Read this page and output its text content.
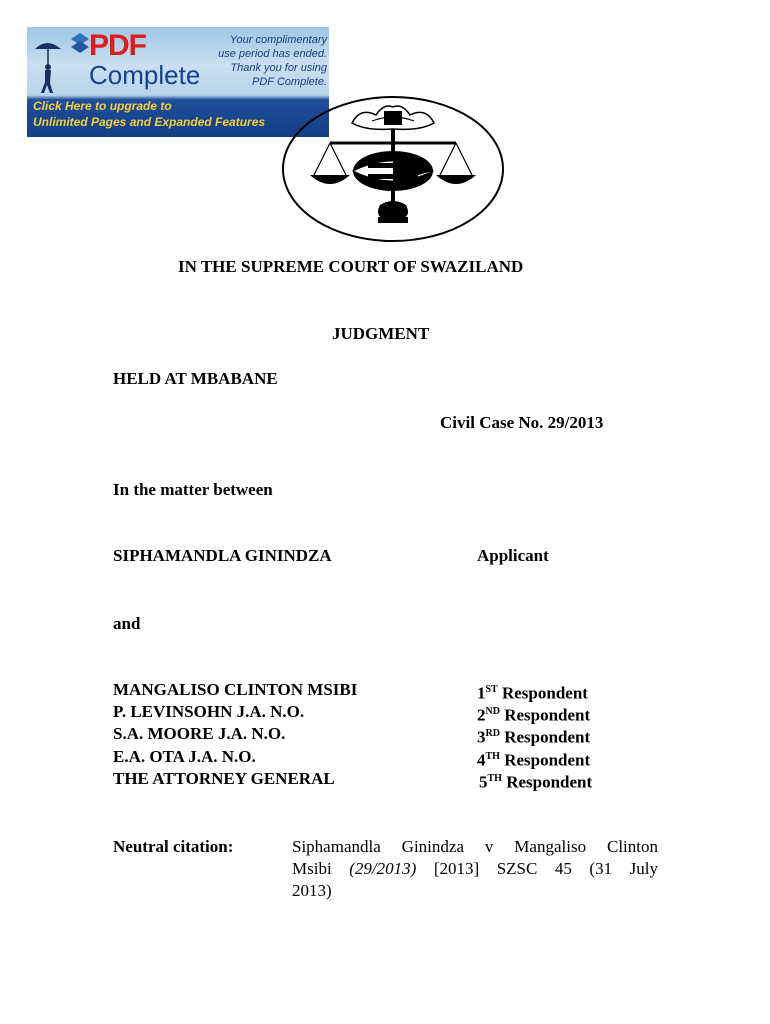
PDF
Complete
Your complimentary
use period has ended.
Thank you for using
PDF Complete.
Click Here to upgrade to
Unlimited Pages and Expanded Features
IN THE SUPREME COURT OF SWAZILAND
JUDGMENT
HELD AT MBABANE
Civil Case No. 29/2013
In the matter between
SIPHAMANDLA GININDZA	Applicant
and
MANGALISO CLINTON MSIBI	1ST Respondent
P. LEVINSOHN J.A. N.O.	2ND Respondent
S.A. MOORE J.A. N.O.	3RD Respondent
E.A. OTA J.A. N.O.	4TH Respondent
THE ATTORNEY GENERAL	5TH Respondent
Neutral citation:	Siphamandla Ginindza v Mangaliso Clinton
Msibi (29/2013) [2013] SZSC 45 (31 July
2013)
